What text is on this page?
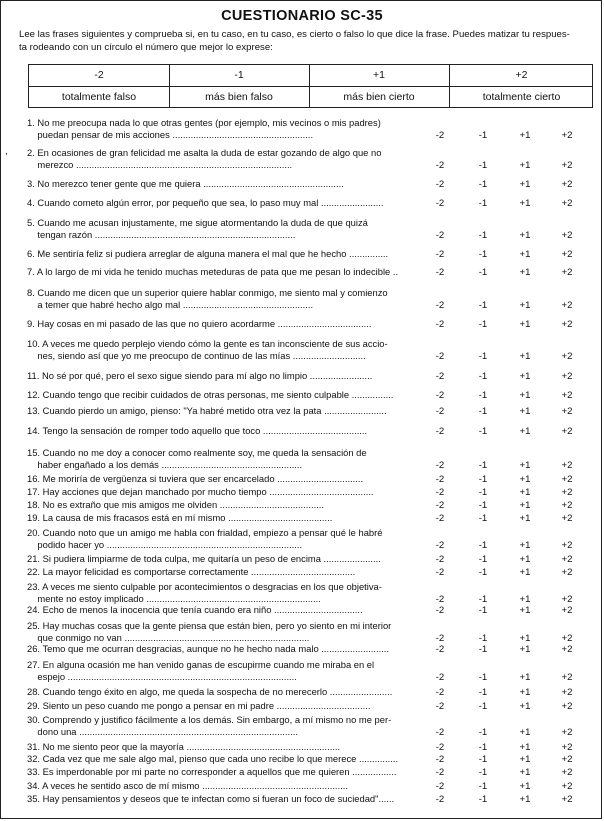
CUESTIONARIO SC-35
Lee las frases siguientes y comprueba si, en tu caso, en tu caso, es cierto o falso lo que dice la frase. Puedes matizar tu respues-
ta rodeando con un círculo el número que mejor lo exprese:
-2	-1	+1	+2
totalmente falso	más bien falso	más bien cierto	totalmente cierto
1. No me preocupa nada lo que otras gentes (por ejemplo, mis vecinos o mis padres)
puedan pensar de mis acciones ......................................................	-2	-1	+1	+2
2. En ocasiones de gran felicidad me asalta la duda de estar gozando de algo que no
merezco ...................................................................................	-2	-1	+1	+2
3. No merezco tener gente que me quiera ......................................................	-2	-1	+1	+2
4. Cuando cometo algún error, por pequeño que sea, lo paso muy mal ........................	-2	-1	+1	+2
5. Cuando me acusan injustamente, me sigue atormentando la duda de que quizá
tengan razón .............................................................................	-2	-1	+1	+2
6. Me sentiría feliz si pudiera arreglar de alguna manera el mal que he hecho ...............	-2	-1	+1	+2
7. A lo largo de mi vida he tenido muchas meteduras de pata que me pesan lo indecible ..	-2	-1	+1	+2
8. Cuando me dicen que un superior quiere hablar conmigo, me siento mal y comienzo
a temer que habré hecho algo mal ..................................................	-2	-1	+1	+2
9. Hay cosas en mi pasado de las que no quiero acordarme ....................................	-2	-1	+1	+2
10. A veces me quedo perplejo viendo cómo la gente es tan inconsciente de sus accio-
nes, siendo así que yo me preocupo de continuo de las mías ............................	-2	-1	+1	+2
11. No sé por qué, pero el sexo sigue siendo para mí algo no limpio ........................	-2	-1	+1	+2
12. Cuando tengo que recibir cuidados de otras personas, me siento culpable ................	-2	-1	+1	+2
13. Cuando pierdo un amigo, pienso: "Ya habré metido otra vez la pata ........................	-2	-1	+1	+2
14. Tengo la sensación de romper todo aquello que toco ........................................	-2	-1	+1	+2
15. Cuando no me doy a conocer como realmente soy, me queda la sensación de
haber engañado a los demás ......................................................	-2	-1	+1	+2
16. Me moriría de vergüenza si tuviera que ser encarcelado .................................	-2	-1	+1	+2
17. Hay acciones que dejan manchado por mucho tiempo ........................................	-2	-1	+1	+2
18. No es extraño que mis amigos me olviden ........................................	-2	-1	+1	+2
19. La causa de mis fracasos está en mí mismo ........................................	-2	-1	+1	+2
20. Cuando noto que un amigo me habla con frialdad, empiezo a pensar qué le habré
podido hacer yo ...........................................................................	-2	-1	+1	+2
21. Si pudiera limpiarme de toda culpa, me quitaría un peso de encima ......................	-2	-1	+1	+2
22. La mayor felicidad es comportarse correctamente ........................................	-2	-1	+1	+2
23. A veces me siento culpable por acontecimientos o desgracias en los que objetiva-
mente no estoy implicado ...................................................................	-2	-1	+1	+2
24. Echo de menos la inocencia que tenía cuando era niño ..................................	-2	-1	+1	+2
25. Hay muchas cosas que la gente piensa que están bien, pero yo siento en mi interior
que conmigo no van .......................................................................	-2	-1	+1	+2
26. Temo que me ocurran desgracias, aunque no he hecho nada malo ..........................	-2	-1	+1	+2
27. En alguna ocasión me han venido ganas de escupirme cuando me miraba en el
espejo ........................................................................................	-2	-1	+1	+2
28. Cuando tengo éxito en algo, me queda la sospecha de no merecerlo ........................	-2	-1	+1	+2
29. Siento un peso cuando me pongo a pensar en mi padre ....................................	-2	-1	+1	+2
30. Comprendo y justifico fácilmente a los demás. Sin embargo, a mí mismo no me per-
dono una ....................................................................................	-2	-1	+1	+2
31. No me siento peor que la mayoría ...........................................................	-2	-1	+1	+2
32. Cada vez que me sale algo mal, pienso que cada uno recibe lo que merece ...............	-2	-1	+1	+2
33. Es imperdonable por mi parte no corresponder a aquellos que me quieren .................	-2	-1	+1	+2
34. A veces he sentido asco de mí mismo ........................................................	-2	-1	+1	+2
35. Hay pensamientos y deseos que te infectan como si fueran un foco de suciedad"......	-2	-1	+1	+2
,
